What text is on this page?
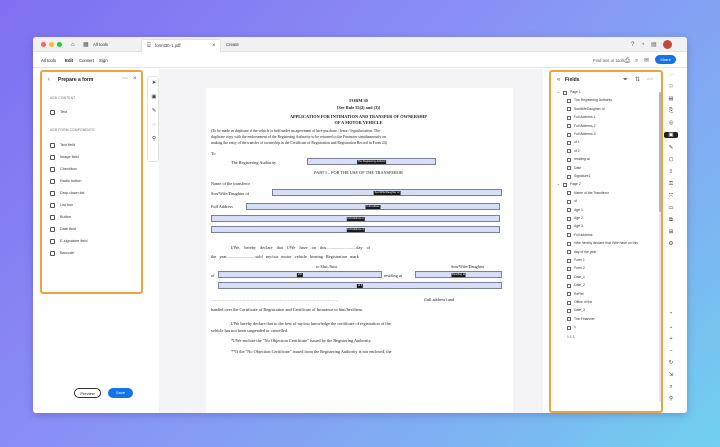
⌂ ▦ All tools	⌸ formt30-1.pdf	× Create	? ◔ ▤
All tools Edit Convert Sign	Find text or tools ⎙ ⌕ ✉	Share
‹ Prepare a form	⋯ ×
ADD CONTENT
Text
ADD FORM COMPONENTS
Text field
Image field
Checkbox
Radio button
Drop-down list
List box
Button
Date field
E-signature field
Barcode
Preview	Save
➤
▣
✎
◌
⚲
FORM 30
[See Rule 55(2) and (3)]
APPLICATION FOR INTIMATION AND TRANSFER OF OWNERSHIP
OF A MOTOR VEHICLE
(To be made in duplicate if the vehicle is held under an agreement of hire-purchase / lease / hypothecation. The
duplicate copy with the endorsement of the Registering Authority to be returned to the Financier simultaneously on
making the entry of the transfer of ownership in the Certificate of Registration and Registration Record in Form 24)
To
The Registering Authority	The Registering Authorit
PART I – FOR THE USE OF THE TRANSFEROR
Name of the transferor
Son/Wife/Daughter of	Son/Wife/Daughter of
Full Address	Full Addres
Full Address 2
Full Address 3
I/We, hereby declare that I/We have on this............................day of
the year...........................sold my/our motor vehicle bearing Registration mark
to Shri./Smt.	Son/Wife/Daughter
of	shri	residing at	Residing at
of 2
.............................................................................................	(full address) and
handed over the Certificate of Registration and Certificate of Insurance to him/her/them.
I/We hereby declare that to the best of my/our knowledge the certificate of registration of the
vehicle has not been suspended or cancelled.
*I/We enclose the "No Objection Certificate" issued by the Registering Authority.
**If the "No Objection Certificate" issued from the Registering Authority is not enclosed, the
« Fields	⏷ ⇅ ⋯
⌄	Page 1
The Registering Authority
SonWifeDaughter of
Full Address 1
Full Address 2
Full Address 3
of 1
of 2
residing at
Date
Signature1
⌄	Page 2
Name of the Transferor
of
Age 1
Age 2
Age 3
Full address
I/We hereby declare that I/We have on this
day of the year
Form 1
Form 2
Date_1
Date_2
ReRet
Office of the
Date_3
The Financier
1
1 1 1
◌
⌑
▤
⎘
◎
▣
✎
⬡
⇪
⚿
⤧
▭
⧉
⊞
⚙
⌃
⌄
+
−
↻
⇲
⌕
⚲
